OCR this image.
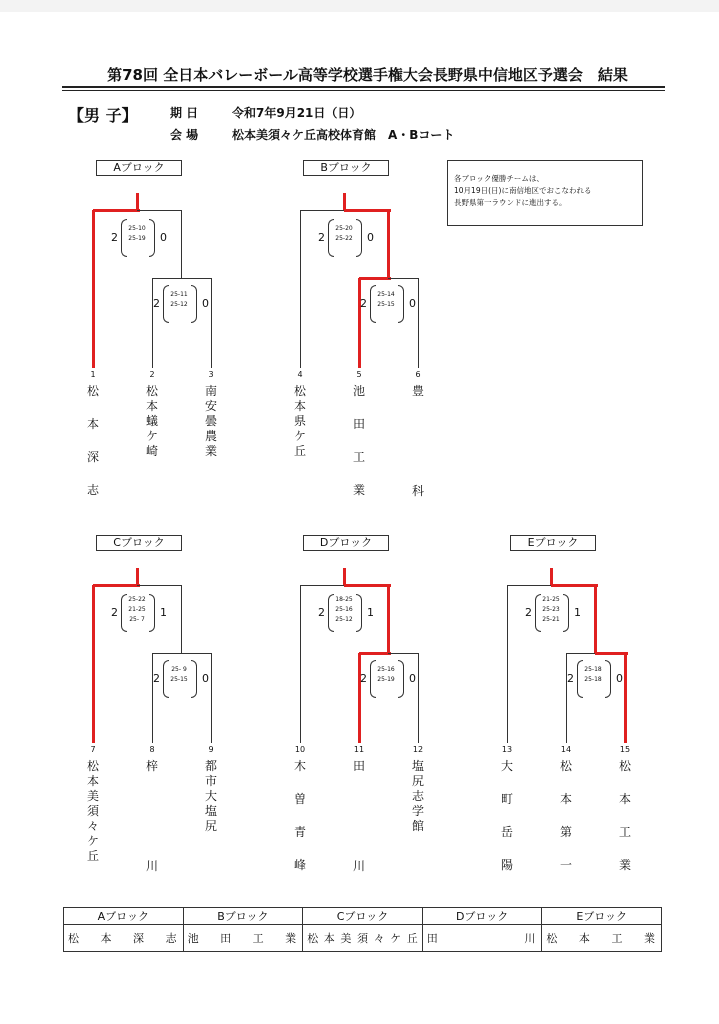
第78回 全日本バレーボール高等学校選手権大会長野県中信地区予選会　結果
【男 子】	期 日	令和7年9月21日（日）
会 場	松本美須々ケ丘高校体育館　A・Bコート
各ブロック優勝チームは、
10月19日(日)に南信地区でおこなわれる
長野県第一ラウンドに進出する。
Aブロック
2
25-10
25-19	0
2
25-11
25-12	0
1
松
本
深
志
2
松
本
蟻
ケ
崎
3
南
安
曇
農
業
Bブロック
2
25-20
25-22	0
2
25-14
25-15	0
4
松
本
県
ケ
丘
5
池
田
工
業
6
豊
科
Cブロック
2
25-22
21-25
25- 7
1
2
25- 9
25-15	0
7
松
本
美
須
々
ケ
丘
8
梓
川
9
都
市
大
塩
尻
Dブロック
2
18-25
25-16
25-12
1
2
25-16
25-19	0
10
木
曽
青
峰
11
田
川
12
塩
尻
志
学
館
Eブロック
2
21-25
25-23
25-21
1
2
25-18
25-18	0
13
大
町
岳
陽
14
松
本
第
一
15
松
本
工
業
Aブロック	Bブロック	Cブロック	Dブロック	Eブロック
松本深志	池田工業	松本美須々ケ丘	田川	松本工業
